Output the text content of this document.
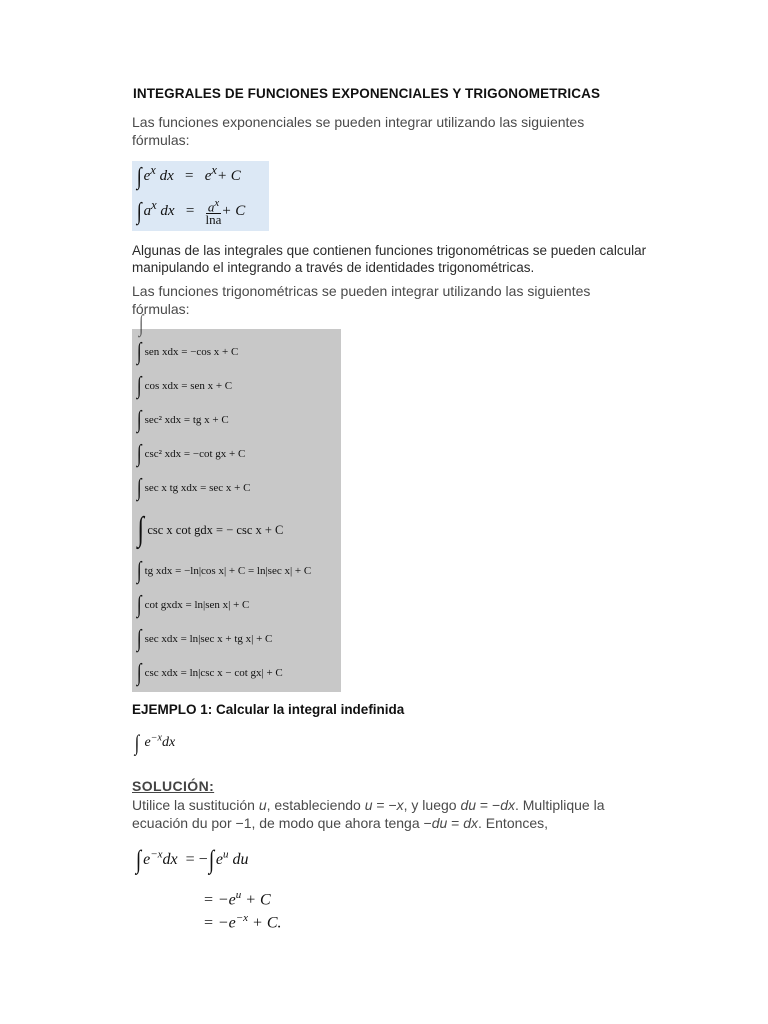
INTEGRALES DE FUNCIONES EXPONENCIALES Y TRIGONOMETRICAS
Las funciones exponenciales se pueden integrar utilizando las siguientes fórmulas:
∫ $e^x$ dx = $e^x+ C$
∫ $a^x$ dx = $\frac{a^x}{\ln a} + C$
Algunas de las integrales que contienen funciones trigonométricas se pueden calcular manipulando el integrando a través de identidades trigonométricas.
Las funciones trigonométricas se pueden integrar utilizando las siguientes fórmulas:
∫
∫ sen xdx = −cos x + C
∫ cos xdx = sen x + C
∫ sec² xdx = tg x + C
∫ csc² xdx = −cot gx + C
∫ sec x tg xdx = sec x + C
∫ csc x cot gdx = − csc x + C
∫ tg xdx = −ln|cos x| + C = ln|sec x| + C
∫ cot gxdx = ln|sen x| + C
∫ sec xdx = ln|sec x + tg x| + C
∫ csc xdx = ln|csc x − cot gx| + C
EJEMPLO 1: Calcular la integral indefinida
∫ $e^{-x}dx$
SOLUCIÓN:
Utilice la sustitución u, estableciendo u = −x, y luego du = −dx. Multiplique la ecuación du por −1, de modo que ahora tenga −du = dx. Entonces,
∫ $e^{-x}dx$ = −∫ $e^u$ du
= $-e^u + C$
= $-e^{-x} + C$.
